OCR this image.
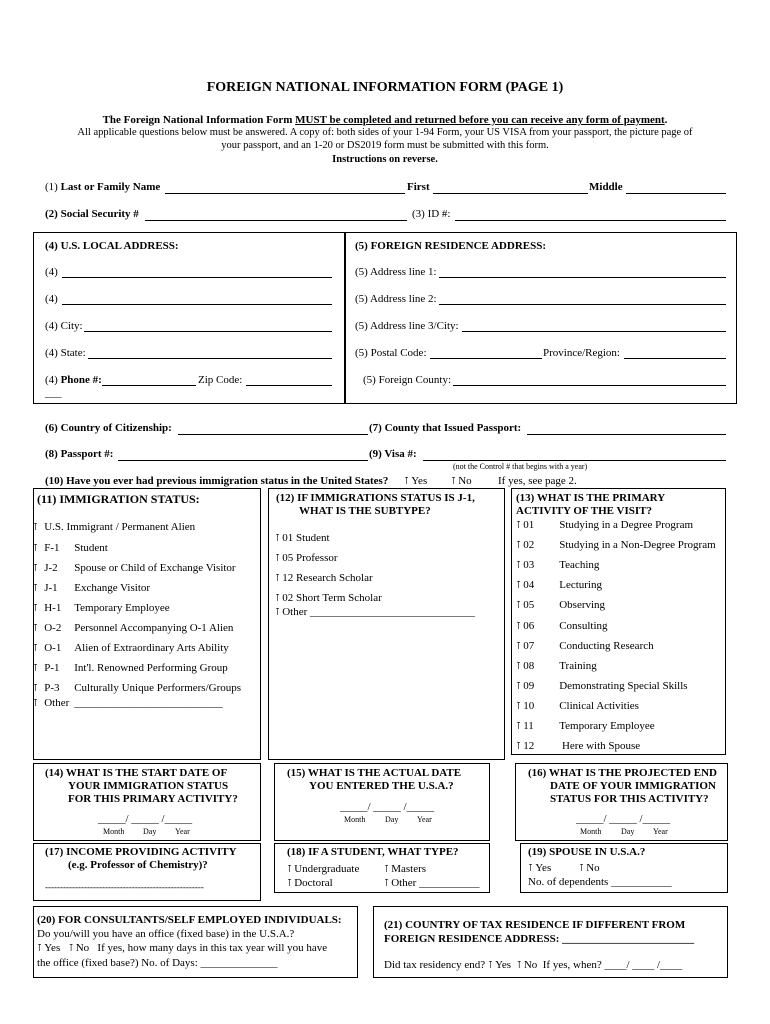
FOREIGN NATIONAL INFORMATION FORM (PAGE 1)
The Foreign National Information Form MUST be completed and returned before you can receive any form of payment.
All applicable questions below must be answered. A copy of: both sides of your 1-94 Form, your US VISA from your passport, the picture page of
your passport, and an 1-20 or DS2019 form must be submitted with this form.
Instructions on reverse.
(1) Last or Family Name	First	Middle
(2) Social Security #	(3) ID #:
(4) U.S. LOCAL ADDRESS:
(4)
(4)
(4) City:
(4) State:
(4) Phone #:	Zip Code:
___
(5) FOREIGN RESIDENCE ADDRESS:
(5) Address line 1:
(5) Address line 2:
(5) Address line 3/City:
(5) Postal Code:	Province/Region:
(5) Foreign County:
(6) Country of Citizenship:	(7) County that Issued Passport:
(8) Passport #:	(9) Visa #:
(not the Control # that begins with a year)
(10) Have you ever had previous immigration status in the United States? ⊺ Yes ⊺ No If yes, see page 2.
(11) IMMIGRATION STATUS:
⊺ U.S. Immigrant / Permanent Alien
⊺ F-1 Student
⊺ J-2 Spouse or Child of Exchange Visitor
⊺ J-1 Exchange Visitor
⊺ H-1 Temporary Employee
⊺ O-2 Personnel Accompanying O-1 Alien
⊺ O-1 Alien of Extraordinary Arts Ability
⊺ P-1 Int'l. Renowned Performing Group
⊺ P-3 Culturally Unique Performers/Groups
⊺ Other ___________________________
(12) IF IMMIGRATIONS STATUS IS J-1,
WHAT IS THE SUBTYPE?
⊺ 01 Student
⊺ 05 Professor
⊺ 12 Research Scholar
⊺ 02 Short Term Scholar
⊺ Other ______________________________
(13) WHAT IS THE PRIMARY
ACTIVITY OF THE VISIT?
⊺ 01 Studying in a Degree Program
⊺ 02 Studying in a Non-Degree Program
⊺ 03 Teaching
⊺ 04 Lecturing
⊺ 05 Observing
⊺ 06 Consulting
⊺ 07 Conducting Research
⊺ 08 Training
⊺ 09 Demonstrating Special Skills
⊺ 10 Clinical Activities
⊺ 11 Temporary Employee
⊺ 12 Here with Spouse
(14) WHAT IS THE START DATE OF
YOUR IMMIGRATION STATUS
FOR THIS PRIMARY ACTIVITY?
_____/ _____ /_____
Month Day Year
(15) WHAT IS THE ACTUAL DATE
YOU ENTERED THE U.S.A.?
_____/ _____ /_____
Month Day Year
(16) WHAT IS THE PROJECTED END
DATE OF YOUR IMMIGRATION
STATUS FOR THIS ACTIVITY?
_____/ _____ /_____
Month Day Year
(17) INCOME PROVIDING ACTIVITY
(e.g. Professor of Chemistry)?
-----------------------------------------------------
(18) IF A STUDENT, WHAT TYPE?
⊺ Undergraduate ⊺ Masters
⊺ Doctoral	⊺ Other ___________
(19) SPOUSE IN U.S.A.?
⊺ Yes	⊺ No
No. of dependents ___________
(20) FOR CONSULTANTS/SELF EMPLOYED INDIVIDUALS:
Do you/will you have an office (fixed base) in the U.S.A.?
⊺ Yes ⊺ No If yes, how many days in this tax year will you have
the office (fixed base?) No. of Days: ______________
(21) COUNTRY OF TAX RESIDENCE IF DIFFERENT FROM
FOREIGN RESIDENCE ADDRESS: ________________________
Did tax residency end? ⊺ Yes ⊺ No If yes, when? ____/ ____ /____
